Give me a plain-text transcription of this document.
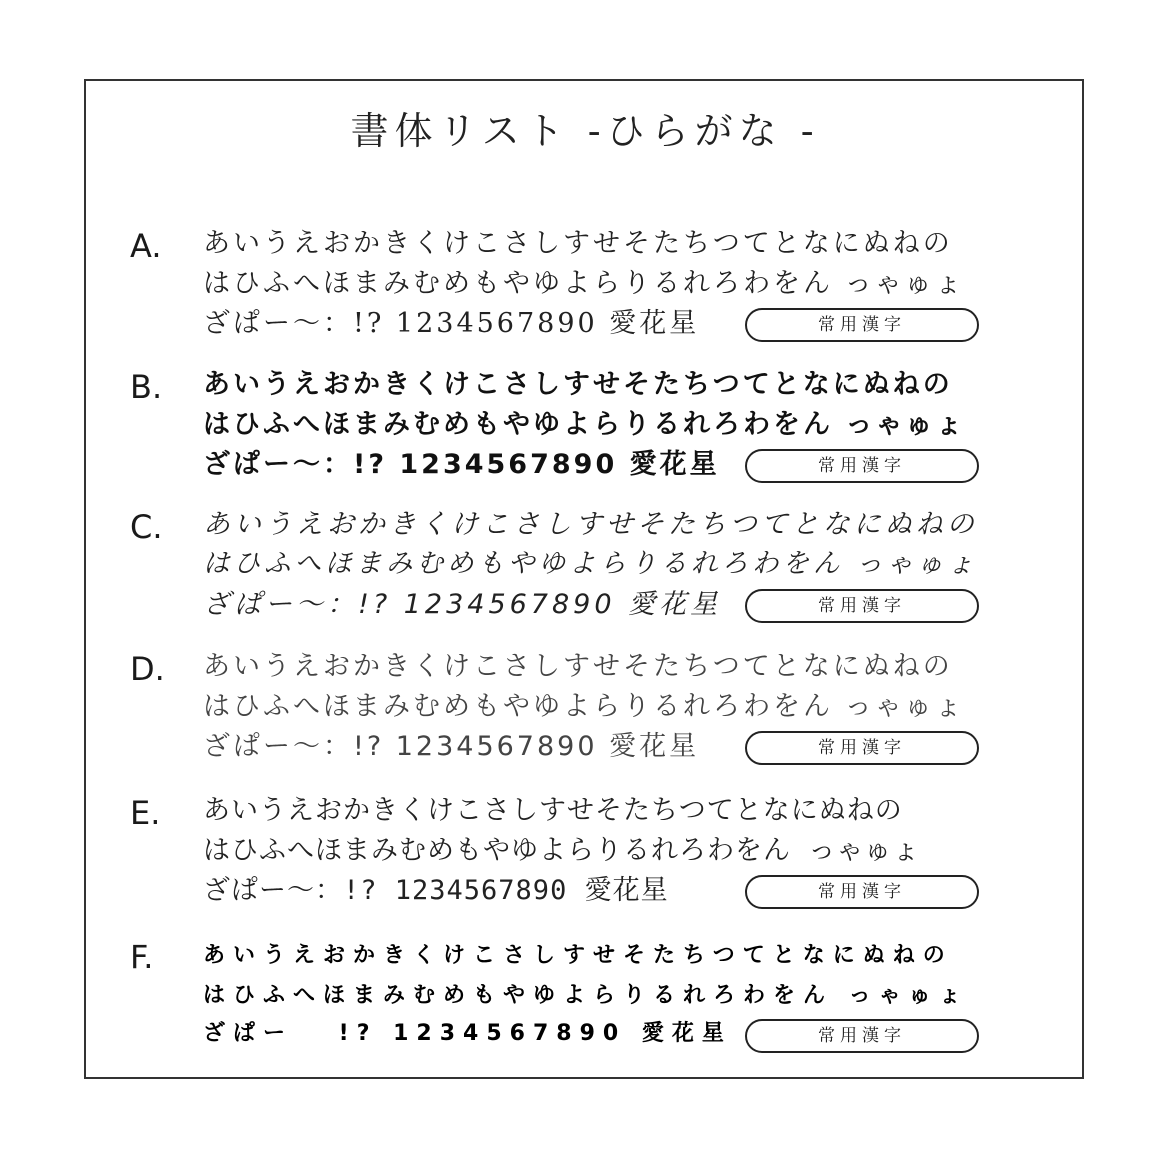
書体リスト -ひらがな -
A. あいうえおかきくけこさしすせそたちつてとなにぬねの
はひふへほまみむめもやゆよらりるれろわをん っゃゅょ
ざぱー〜：!? 1234567890 愛花星	常用漢字
B. あいうえおかきくけこさしすせそたちつてとなにぬねの
はひふへほまみむめもやゆよらりるれろわをん っゃゅょ
ざぱー〜：!? 1234567890 愛花星	常用漢字
C. あいうえおかきくけこさしすせそたちつてとなにぬねの
はひふへほまみむめもやゆよらりるれろわをん っゃゅょ
ざぱー〜：!? 1234567890 愛花星	常用漢字
D. あいうえおかきくけこさしすせそたちつてとなにぬねの
はひふへほまみむめもやゆよらりるれろわをん っゃゅょ
ざぱー〜：!? 1234567890 愛花星	常用漢字
E. あいうえおかきくけこさしすせそたちつてとなにぬねの
はひふへほまみむめもやゆよらりるれろわをん っゃゅょ
ざぱー〜：!? 1234567890 愛花星	常用漢字
F. あいうえおかきくけこさしすせそたちつてとなにぬねの
はひふへほまみむめもやゆよらりるれろわをん っゃゅょ
ざぱー　 !? 1234567890 愛花星	常用漢字
